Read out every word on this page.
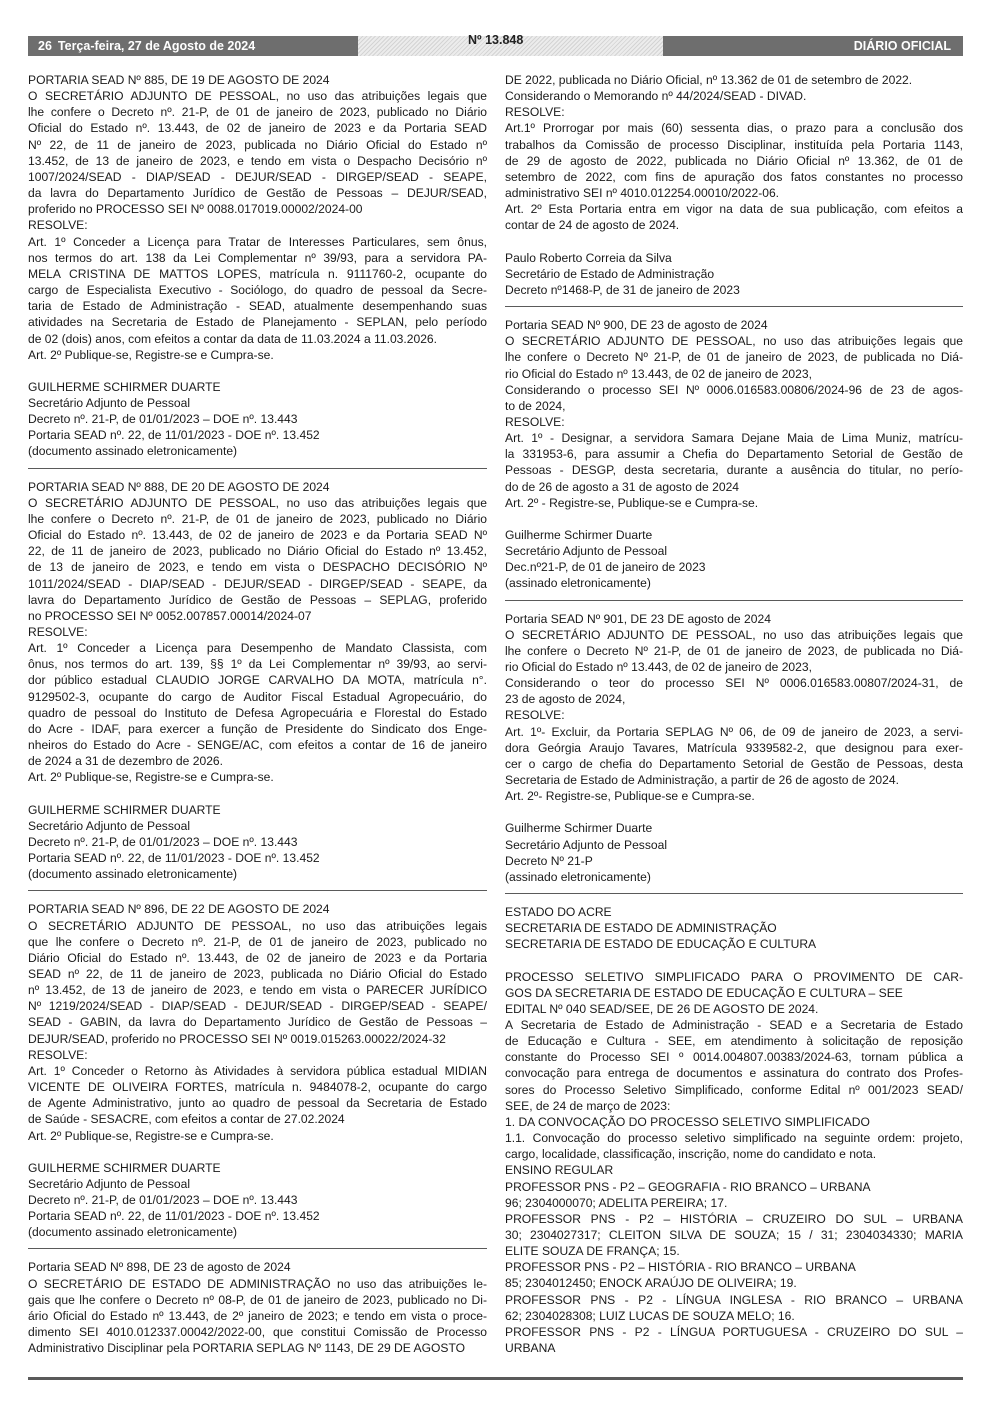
26 Terça-feira, 27 de Agosto de 2024	Nº 13.848	DIÁRIO OFICIAL
PORTARIA SEAD Nº 885, DE 19 DE AGOSTO DE 2024
O SECRETÁRIO ADJUNTO DE PESSOAL, no uso das atribuições legais que
lhe confere o Decreto nº. 21-P, de 01 de janeiro de 2023, publicado no Diário
Oficial do Estado nº. 13.443, de 02 de janeiro de 2023 e da Portaria SEAD
Nº 22, de 11 de janeiro de 2023, publicada no Diário Oficial do Estado nº
13.452, de 13 de janeiro de 2023, e tendo em vista o Despacho Decisório nº
1007/2024/SEAD - DIAP/SEAD - DEJUR/SEAD - DIRGEP/SEAD - SEAPE,
da lavra do Departamento Jurídico de Gestão de Pessoas – DEJUR/SEAD,
proferido no PROCESSO SEI Nº 0088.017019.00002/2024-00
RESOLVE:
Art. 1º Conceder a Licença para Tratar de Interesses Particulares, sem ônus,
nos termos do art. 138 da Lei Complementar nº 39/93, para a servidora PA-
MELA CRISTINA DE MATTOS LOPES, matrícula n. 9111760-2, ocupante do
cargo de Especialista Executivo - Sociólogo, do quadro de pessoal da Secre-
taria de Estado de Administração - SEAD, atualmente desempenhando suas
atividades na Secretaria de Estado de Planejamento - SEPLAN, pelo período
de 02 (dois) anos, com efeitos a contar da data de 11.03.2024 a 11.03.2026.
Art. 2º Publique-se, Registre-se e Cumpra-se.
GUILHERME SCHIRMER DUARTE
Secretário Adjunto de Pessoal
Decreto nº. 21-P, de 01/01/2023 – DOE nº. 13.443
Portaria SEAD nº. 22, de 11/01/2023 - DOE nº. 13.452
(documento assinado eletronicamente)
PORTARIA SEAD Nº 888, DE 20 DE AGOSTO DE 2024
O SECRETÁRIO ADJUNTO DE PESSOAL, no uso das atribuições legais que
lhe confere o Decreto nº. 21-P, de 01 de janeiro de 2023, publicado no Diário
Oficial do Estado nº. 13.443, de 02 de janeiro de 2023 e da Portaria SEAD Nº
22, de 11 de janeiro de 2023, publicado no Diário Oficial do Estado nº 13.452,
de 13 de janeiro de 2023, e tendo em vista o DESPACHO DECISÓRIO Nº
1011/2024/SEAD - DIAP/SEAD - DEJUR/SEAD - DIRGEP/SEAD - SEAPE, da
lavra do Departamento Jurídico de Gestão de Pessoas – SEPLAG, proferido
no PROCESSO SEI Nº 0052.007857.00014/2024-07
RESOLVE:
Art. 1º Conceder a Licença para Desempenho de Mandato Classista, com
ônus, nos termos do art. 139, §§ 1º da Lei Complementar nº 39/93, ao servi-
dor público estadual CLAUDIO JORGE CARVALHO DA MOTA, matrícula n°.
9129502-3, ocupante do cargo de Auditor Fiscal Estadual Agropecuário, do
quadro de pessoal do Instituto de Defesa Agropecuária e Florestal do Estado
do Acre - IDAF, para exercer a função de Presidente do Sindicato dos Enge-
nheiros do Estado do Acre - SENGE/AC, com efeitos a contar de 16 de janeiro
de 2024 a 31 de dezembro de 2026.
Art. 2º Publique-se, Registre-se e Cumpra-se.
GUILHERME SCHIRMER DUARTE
Secretário Adjunto de Pessoal
Decreto nº. 21-P, de 01/01/2023 – DOE nº. 13.443
Portaria SEAD nº. 22, de 11/01/2023 - DOE nº. 13.452
(documento assinado eletronicamente)
PORTARIA SEAD Nº 896, DE 22 DE AGOSTO DE 2024
O SECRETÁRIO ADJUNTO DE PESSOAL, no uso das atribuições legais
que lhe confere o Decreto nº. 21-P, de 01 de janeiro de 2023, publicado no
Diário Oficial do Estado nº. 13.443, de 02 de janeiro de 2023 e da Portaria
SEAD nº 22, de 11 de janeiro de 2023, publicada no Diário Oficial do Estado
nº 13.452, de 13 de janeiro de 2023, e tendo em vista o PARECER JURÍDICO
Nº 1219/2024/SEAD - DIAP/SEAD - DEJUR/SEAD - DIRGEP/SEAD - SEAPE/
SEAD - GABIN, da lavra do Departamento Jurídico de Gestão de Pessoas –
DEJUR/SEAD, proferido no PROCESSO SEI Nº 0019.015263.00022/2024-32
RESOLVE:
Art. 1º Conceder o Retorno às Atividades à servidora pública estadual MIDIAN
VICENTE DE OLIVEIRA FORTES, matrícula n. 9484078-2, ocupante do cargo
de Agente Administrativo, junto ao quadro de pessoal da Secretaria de Estado
de Saúde - SESACRE, com efeitos a contar de 27.02.2024
Art. 2º Publique-se, Registre-se e Cumpra-se.
GUILHERME SCHIRMER DUARTE
Secretário Adjunto de Pessoal
Decreto nº. 21-P, de 01/01/2023 – DOE nº. 13.443
Portaria SEAD nº. 22, de 11/01/2023 - DOE nº. 13.452
(documento assinado eletronicamente)
Portaria SEAD Nº 898, DE 23 de agosto de 2024
O SECRETÁRIO DE ESTADO DE ADMINISTRAÇÃO no uso das atribuições le-
gais que lhe confere o Decreto nº 08-P, de 01 de janeiro de 2023, publicado no Di-
ário Oficial do Estado nº 13.443, de 2º janeiro de 2023; e tendo em vista o proce-
dimento SEI 4010.012337.00042/2022-00, que constitui Comissão de Processo
Administrativo Disciplinar pela PORTARIA SEPLAG Nº 1143, DE 29 DE AGOSTO
DE 2022, publicada no Diário Oficial, nº 13.362 de 01 de setembro de 2022.
Considerando o Memorando nº 44/2024/SEAD - DIVAD.
RESOLVE:
Art.1º Prorrogar por mais (60) sessenta dias, o prazo para a conclusão dos
trabalhos da Comissão de processo Disciplinar, instituída pela Portaria 1143,
de 29 de agosto de 2022, publicada no Diário Oficial nº 13.362, de 01 de
setembro de 2022, com fins de apuração dos fatos constantes no processo
administrativo SEI nº 4010.012254.00010/2022-06.
Art. 2º Esta Portaria entra em vigor na data de sua publicação, com efeitos a
contar de 24 de agosto de 2024.
Paulo Roberto Correia da Silva
Secretário de Estado de Administração
Decreto nº1468-P, de 31 de janeiro de 2023
Portaria SEAD Nº 900, DE 23 de agosto de 2024
O SECRETÁRIO ADJUNTO DE PESSOAL, no uso das atribuições legais que
lhe confere o Decreto Nº 21-P, de 01 de janeiro de 2023, de publicada no Diá-
rio Oficial do Estado nº 13.443, de 02 de janeiro de 2023,
Considerando o processo SEI Nº 0006.016583.00806/2024-96 de 23 de agos-
to de 2024,
RESOLVE:
Art. 1º - Designar, a servidora Samara Dejane Maia de Lima Muniz, matrícu-
la 331953-6, para assumir a Chefia do Departamento Setorial de Gestão de
Pessoas - DESGP, desta secretaria, durante a ausência do titular, no perío-
do de 26 de agosto a 31 de agosto de 2024
Art. 2º - Registre-se, Publique-se e Cumpra-se.
Guilherme Schirmer Duarte
Secretário Adjunto de Pessoal
Dec.nº21-P, de 01 de janeiro de 2023
(assinado eletronicamente)
Portaria SEAD Nº 901, DE 23 DE agosto de 2024
O SECRETÁRIO ADJUNTO DE PESSOAL, no uso das atribuições legais que
lhe confere o Decreto Nº 21-P, de 01 de janeiro de 2023, de publicada no Diá-
rio Oficial do Estado nº 13.443, de 02 de janeiro de 2023,
Considerando o teor do processo SEI Nº 0006.016583.00807/2024-31, de
23 de agosto de 2024,
RESOLVE:
Art. 1º- Excluir, da Portaria SEPLAG Nº 06, de 09 de janeiro de 2023, a servi-
dora Geórgia Araujo Tavares, Matrícula 9339582-2, que designou para exer-
cer o cargo de chefia do Departamento Setorial de Gestão de Pessoas, desta
Secretaria de Estado de Administração, a partir de 26 de agosto de 2024.
Art. 2º- Registre-se, Publique-se e Cumpra-se.
Guilherme Schirmer Duarte
Secretário Adjunto de Pessoal
Decreto Nº 21-P
(assinado eletronicamente)
ESTADO DO ACRE
SECRETARIA DE ESTADO DE ADMINISTRAÇÃO
SECRETARIA DE ESTADO DE EDUCAÇÃO E CULTURA
PROCESSO SELETIVO SIMPLIFICADO PARA O PROVIMENTO DE CAR-
GOS DA SECRETARIA DE ESTADO DE EDUCAÇÃO E CULTURA – SEE
EDITAL Nº 040 SEAD/SEE, DE 26 DE AGOSTO DE 2024.
A Secretaria de Estado de Administração - SEAD e a Secretaria de Estado
de Educação e Cultura - SEE, em atendimento à solicitação de reposição
constante do Processo SEI º 0014.004807.00383/2024-63, tornam pública a
convocação para entrega de documentos e assinatura do contrato dos Profes-
sores do Processo Seletivo Simplificado, conforme Edital nº 001/2023 SEAD/
SEE, de 24 de março de 2023:
1. DA CONVOCAÇÃO DO PROCESSO SELETIVO SIMPLIFICADO
1.1. Convocação do processo seletivo simplificado na seguinte ordem: projeto,
cargo, localidade, classificação, inscrição, nome do candidato e nota.
ENSINO REGULAR
PROFESSOR PNS - P2 – GEOGRAFIA - RIO BRANCO – URBANA
96; 2304000070; ADELITA PEREIRA; 17.
PROFESSOR PNS - P2 – HISTÓRIA – CRUZEIRO DO SUL – URBANA
30; 2304027317; CLEITON SILVA DE SOUZA; 15 / 31; 2304034330; MARIA
ELITE SOUZA DE FRANÇA; 15.
PROFESSOR PNS - P2 – HISTÓRIA - RIO BRANCO – URBANA
85; 2304012450; ENOCK ARAÚJO DE OLIVEIRA; 19.
PROFESSOR PNS - P2 - LÍNGUA INGLESA - RIO BRANCO – URBANA
62; 2304028308; LUIZ LUCAS DE SOUZA MELO; 16.
PROFESSOR PNS - P2 - LÍNGUA PORTUGUESA - CRUZEIRO DO SUL –
URBANA
